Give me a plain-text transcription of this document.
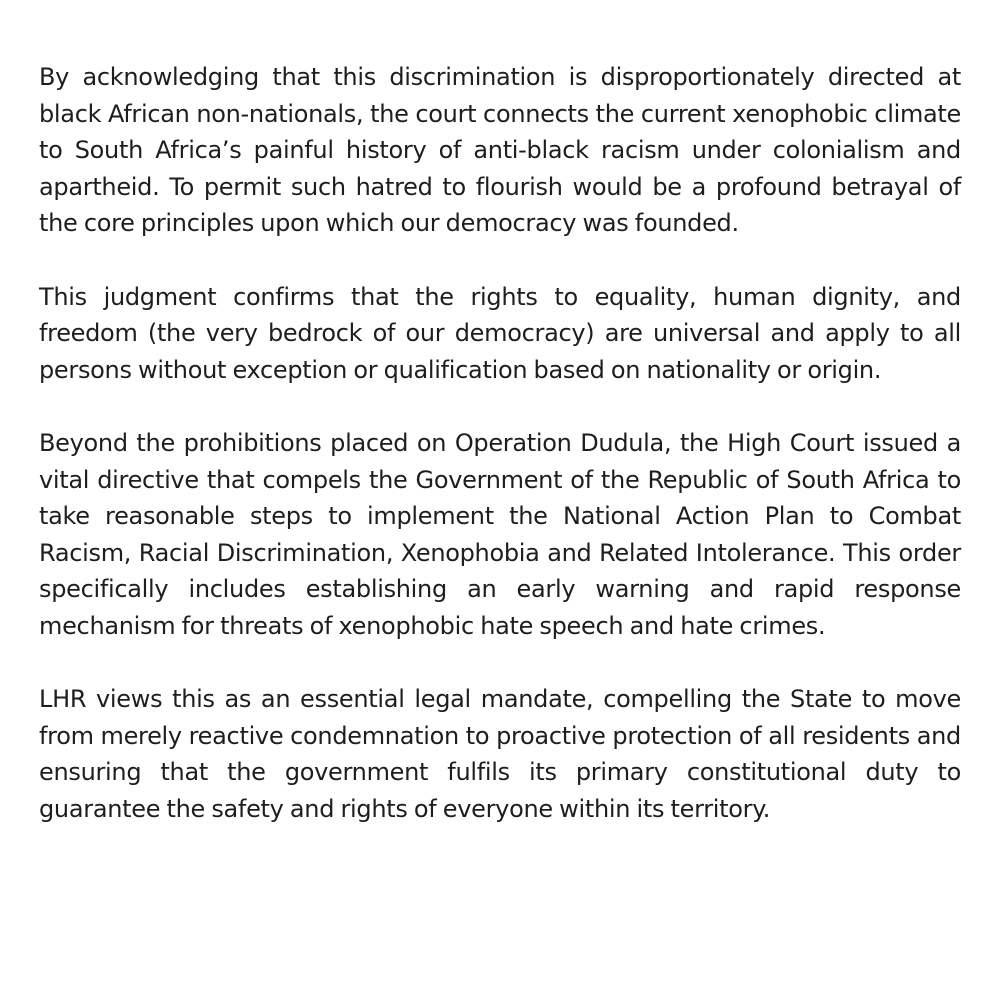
By acknowledging that this discrimination is disproportionately directed at black African non-nationals, the court connects the current xenophobic climate to South Africa’s painful history of anti-black racism under colonialism and apartheid. To permit such hatred to flourish would be a profound betrayal of the core principles upon which our democracy was founded.

This judgment confirms that the rights to equality, human dignity, and freedom (the very bedrock of our democracy) are universal and apply to all persons without exception or qualification based on nationality or origin.

Beyond the prohibitions placed on Operation Dudula, the High Court issued a vital directive that compels the Government of the Republic of South Africa to take reasonable steps to implement the National Action Plan to Combat Racism, Racial Discrimination, Xenophobia and Related Intolerance. This order specifically includes establishing an early warning and rapid response mechanism for threats of xenophobic hate speech and hate crimes.

LHR views this as an essential legal mandate, compelling the State to move from merely reactive condemnation to proactive protection of all residents and ensuring that the government fulfils its primary constitutional duty to guarantee the safety and rights of everyone within its territory.
